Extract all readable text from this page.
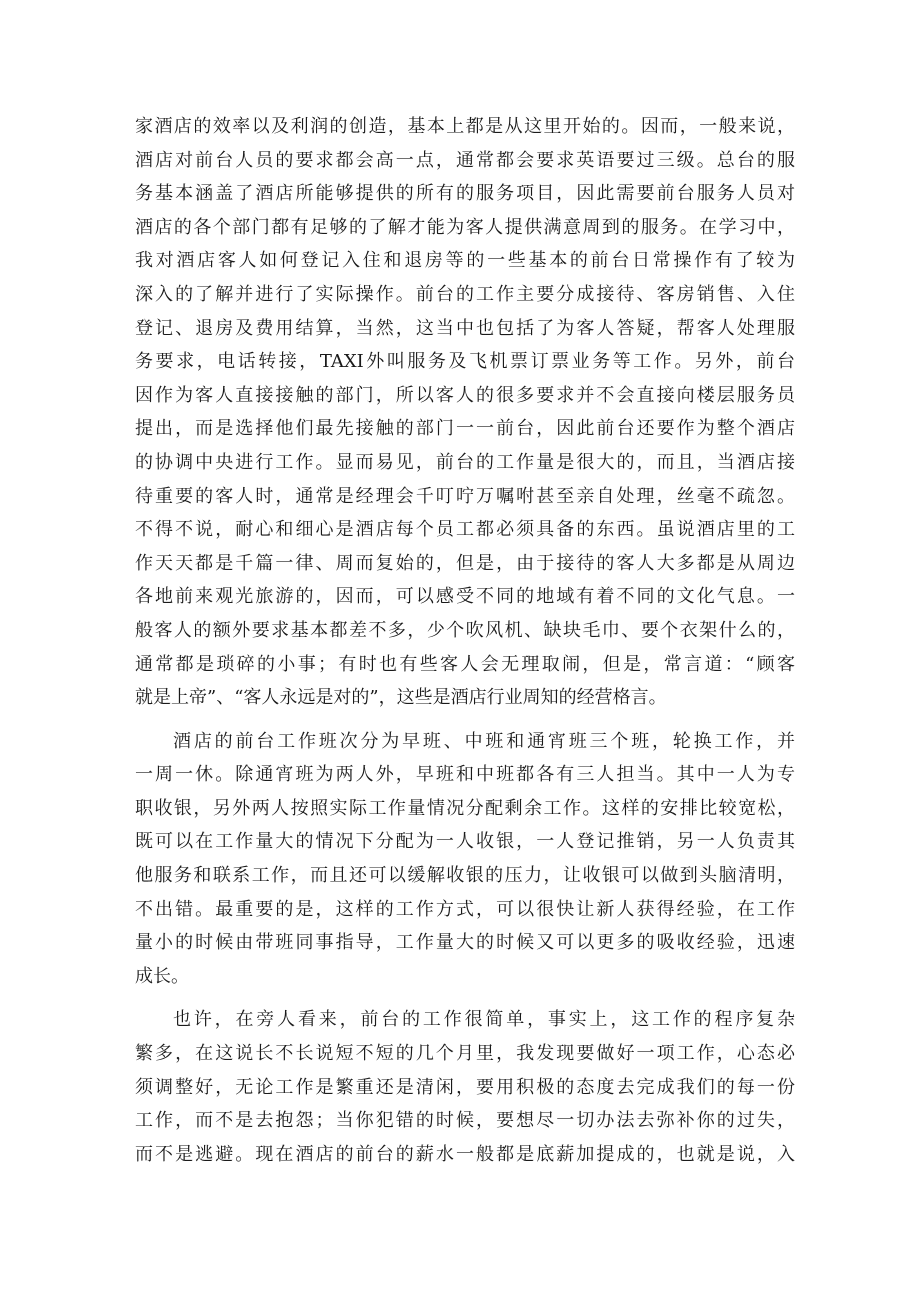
家酒店的效率以及利润的创造，基本上都是从这里开始的。因而，一般来说，
酒店对前台人员的要求都会高一点，通常都会要求英语要过三级。总台的服
务基本涵盖了酒店所能够提供的所有的服务项目，因此需要前台服务人员对
酒店的各个部门都有足够的了解才能为客人提供满意周到的服务。在学习中，
我对酒店客人如何登记入住和退房等的一些基本的前台日常操作有了较为
深入的了解并进行了实际操作。前台的工作主要分成接待、客房销售、入住
登记、退房及费用结算，当然，这当中也包括了为客人答疑，帮客人处理服
务要求，电话转接，TAXI外叫服务及飞机票订票业务等工作。另外，前台
因作为客人直接接触的部门，所以客人的很多要求并不会直接向楼层服务员
提出，而是选择他们最先接触的部门一一前台，因此前台还要作为整个酒店
的协调中央进行工作。显而易见，前台的工作量是很大的，而且，当酒店接
待重要的客人时，通常是经理会千叮咛万嘱咐甚至亲自处理，丝毫不疏忽。
不得不说，耐心和细心是酒店每个员工都必须具备的东西。虽说酒店里的工
作天天都是千篇一律、周而复始的，但是，由于接待的客人大多都是从周边
各地前来观光旅游的，因而，可以感受不同的地域有着不同的文化气息。一
般客人的额外要求基本都差不多，少个吹风机、缺块毛巾、要个衣架什么的，
通常都是琐碎的小事；有时也有些客人会无理取闹，但是，常言道：“顾客
就是上帝”、“客人永远是对的”，这些是酒店行业周知的经营格言。
酒店的前台工作班次分为早班、中班和通宵班三个班，轮换工作，并
一周一休。除通宵班为两人外，早班和中班都各有三人担当。其中一人为专
职收银，另外两人按照实际工作量情况分配剩余工作。这样的安排比较宽松，
既可以在工作量大的情况下分配为一人收银，一人登记推销，另一人负责其
他服务和联系工作，而且还可以缓解收银的压力，让收银可以做到头脑清明，
不出错。最重要的是，这样的工作方式，可以很快让新人获得经验，在工作
量小的时候由带班同事指导，工作量大的时候又可以更多的吸收经验，迅速
成长。
也许，在旁人看来，前台的工作很简单，事实上，这工作的程序复杂
繁多，在这说长不长说短不短的几个月里，我发现要做好一项工作，心态必
须调整好，无论工作是繁重还是清闲，要用积极的态度去完成我们的每一份
工作，而不是去抱怨；当你犯错的时候，要想尽一切办法去弥补你的过失，
而不是逃避。现在酒店的前台的薪水一般都是底薪加提成的，也就是说，入
